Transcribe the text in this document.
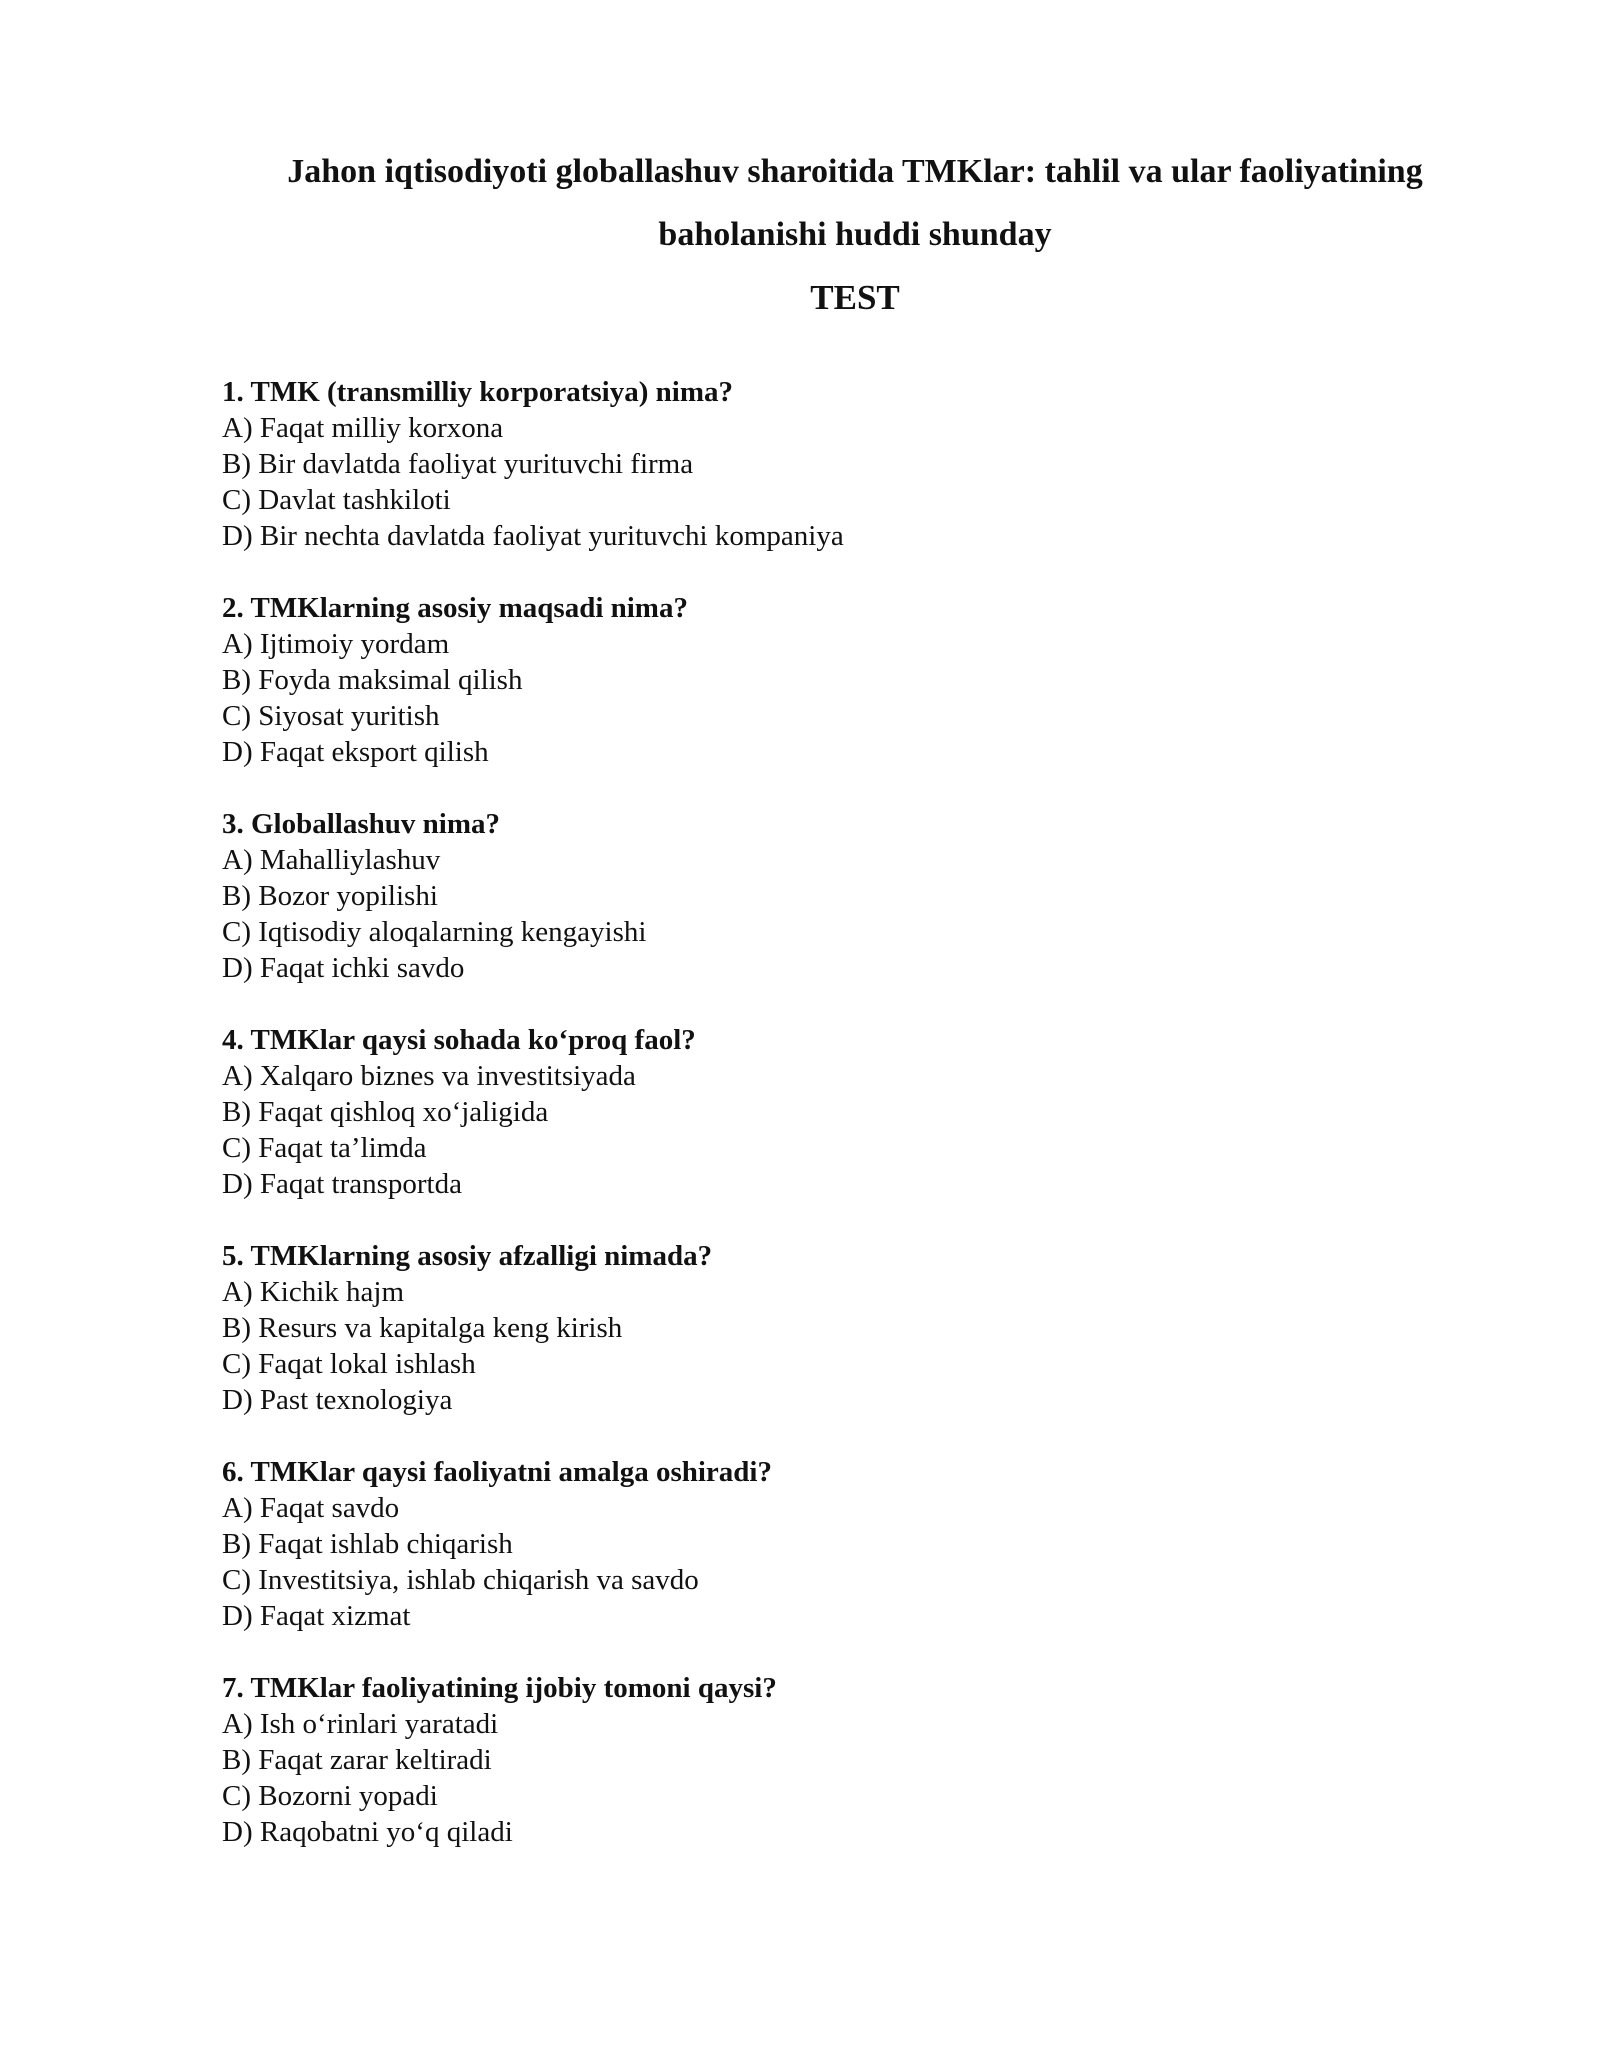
Jahon iqtisodiyoti globallashuv sharoitida TMKlar: tahlil va ular faoliyatining

baholanishi huddi shunday

TEST

1. TMK (transmilliy korporatsiya) nima?

A) Faqat milliy korxona

B) Bir davlatda faoliyat yurituvchi firma

C) Davlat tashkiloti

D) Bir nechta davlatda faoliyat yurituvchi kompaniya

2. TMKlarning asosiy maqsadi nima?

A) Ijtimoiy yordam

B) Foyda maksimal qilish

C) Siyosat yuritish

D) Faqat eksport qilish

3. Globallashuv nima?

A) Mahalliylashuv

B) Bozor yopilishi

C) Iqtisodiy aloqalarning kengayishi

D) Faqat ichki savdo

4. TMKlar qaysi sohada ko‘proq faol?

A) Xalqaro biznes va investitsiyada

B) Faqat qishloq xo‘jaligida

C) Faqat ta’limda

D) Faqat transportda

5. TMKlarning asosiy afzalligi nimada?

A) Kichik hajm

B) Resurs va kapitalga keng kirish

C) Faqat lokal ishlash

D) Past texnologiya

6. TMKlar qaysi faoliyatni amalga oshiradi?

A) Faqat savdo

B) Faqat ishlab chiqarish

C) Investitsiya, ishlab chiqarish va savdo

D) Faqat xizmat

7. TMKlar faoliyatining ijobiy tomoni qaysi?

A) Ish o‘rinlari yaratadi

B) Faqat zarar keltiradi

C) Bozorni yopadi

D) Raqobatni yo‘q qiladi
